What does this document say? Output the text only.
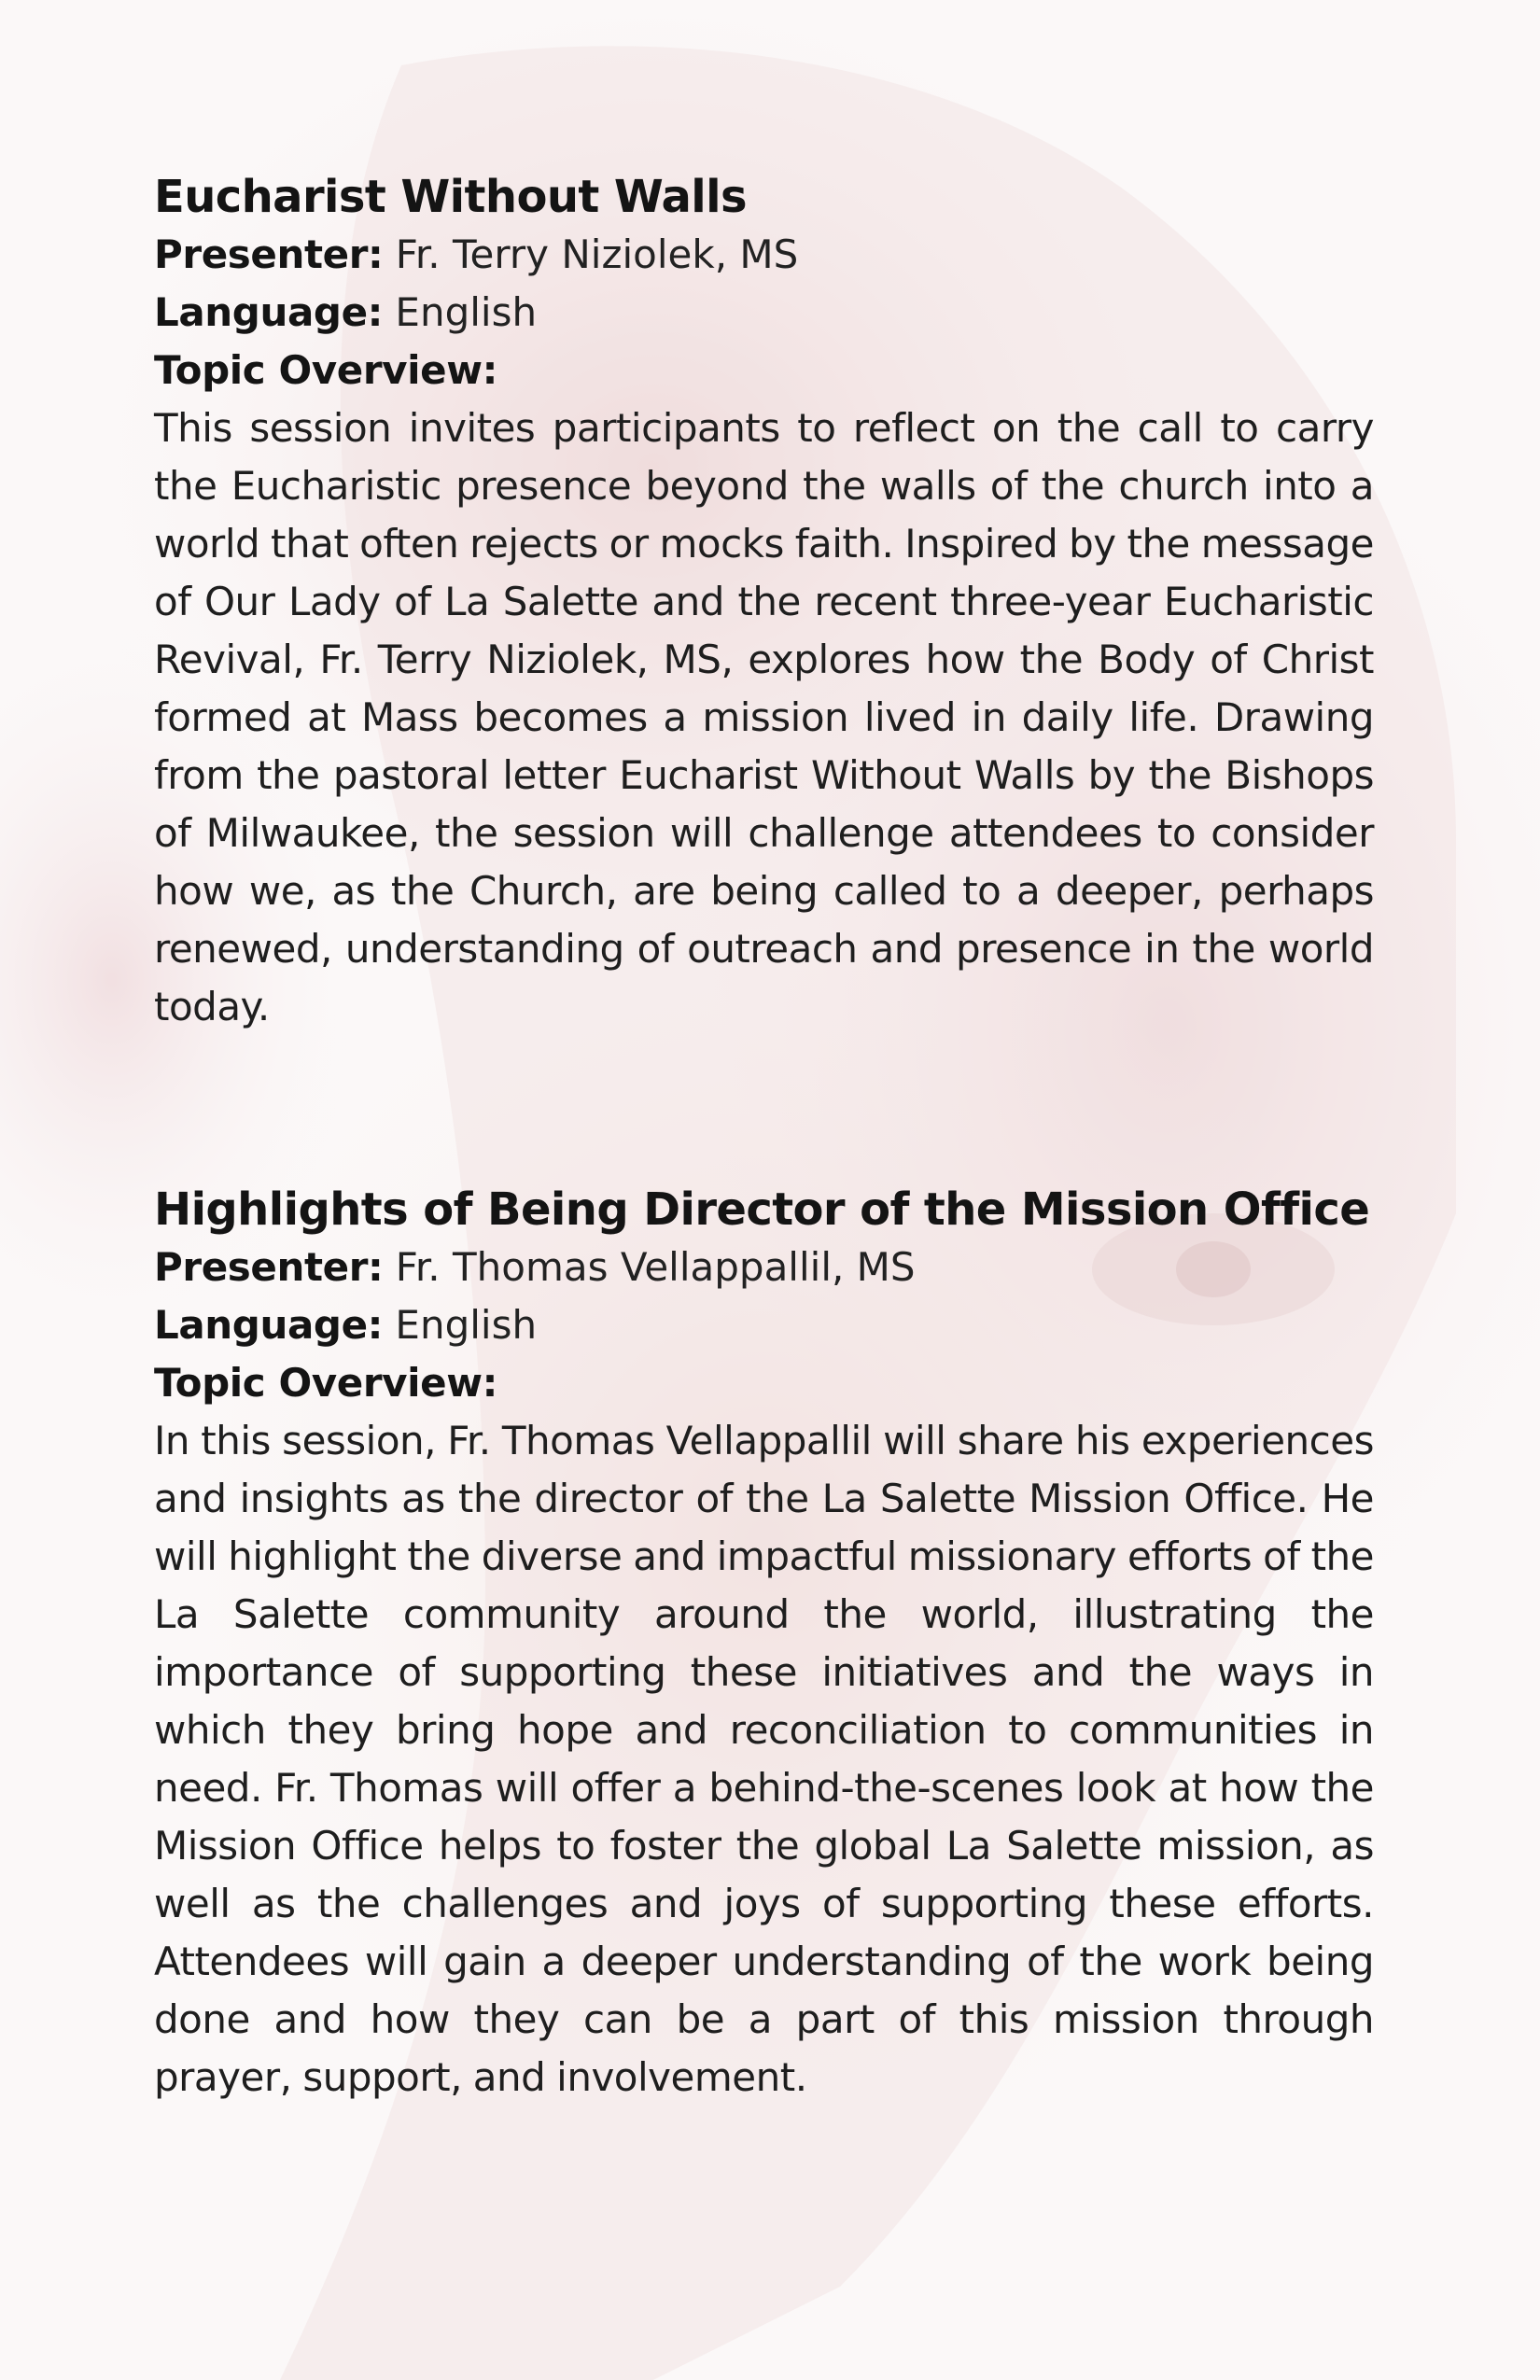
Eucharist Without Walls

Presenter: Fr. Terry Niziolek, MS

Language: English

Topic Overview:

This session invites participants to reflect on the call to carry the Eucharistic presence beyond the walls of the church into a world that often rejects or mocks faith. Inspired by the message of Our Lady of La Salette and the recent three-year Eucharistic Revival, Fr. Terry Niziolek, MS, explores how the Body of Christ formed at Mass becomes a mission lived in daily life. Drawing from the pastoral letter Eucharist Without Walls by the Bishops of Milwaukee, the session will challenge attendees to consider how we, as the Church, are being called to a deeper, perhaps renewed, understanding of outreach and presence in the world today.

Highlights of Being Director of the Mission Office

Presenter: Fr. Thomas Vellappallil, MS

Language: English

Topic Overview:

In this session, Fr. Thomas Vellappallil will share his experiences and insights as the director of the La Salette Mission Office. He will highlight the diverse and impactful missionary efforts of the La Salette community around the world, illustrating the importance of supporting these initiatives and the ways in which they bring hope and reconciliation to communities in need. Fr. Thomas will offer a behind-the-scenes look at how the Mission Office helps to foster the global La Salette mission, as well as the challenges and joys of supporting these efforts. Attendees will gain a deeper understanding of the work being done and how they can be a part of this mission through prayer, support, and involvement.
